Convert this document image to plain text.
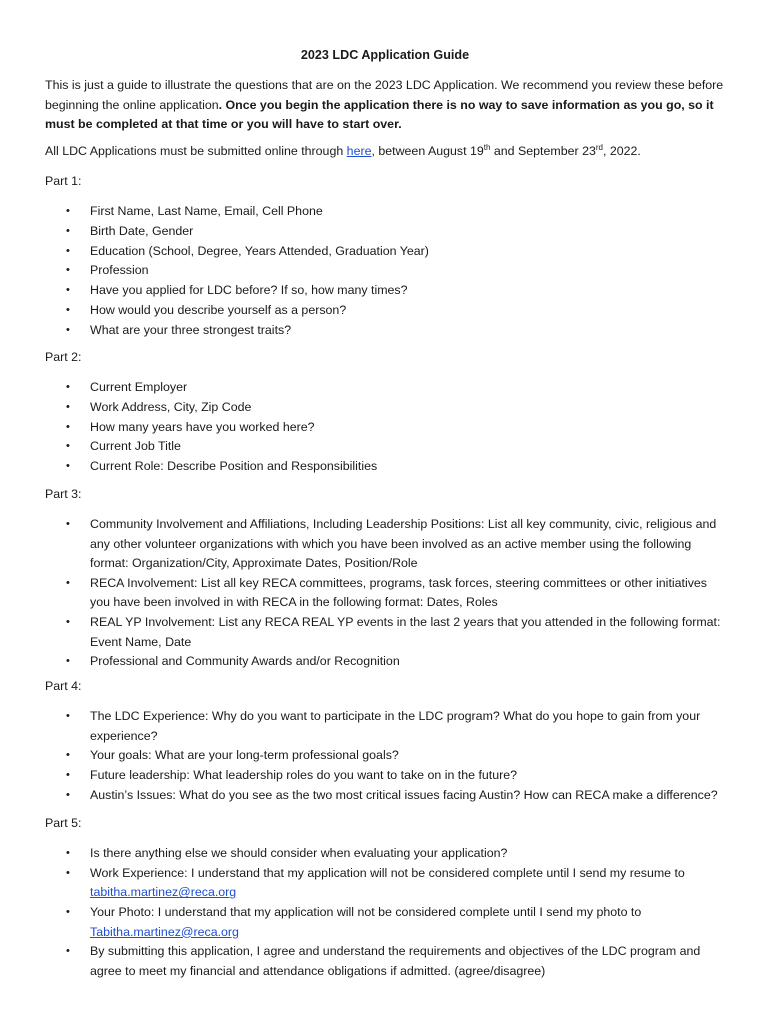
2023 LDC Application Guide
This is just a guide to illustrate the questions that are on the 2023 LDC Application. We recommend you review these before beginning the online application. Once you begin the application there is no way to save information as you go, so it must be completed at that time or you will have to start over.
All LDC Applications must be submitted online through here, between August 19th and September 23rd, 2022.
Part 1:
• First Name, Last Name, Email, Cell Phone
• Birth Date, Gender
• Education (School, Degree, Years Attended, Graduation Year)
• Profession
• Have you applied for LDC before? If so, how many times?
• How would you describe yourself as a person?
• What are your three strongest traits?
Part 2:
• Current Employer
• Work Address, City, Zip Code
• How many years have you worked here?
• Current Job Title
• Current Role: Describe Position and Responsibilities
Part 3:
• Community Involvement and Affiliations, Including Leadership Positions: List all key community, civic, religious and any other volunteer organizations with which you have been involved as an active member using the following format: Organization/City, Approximate Dates, Position/Role
• RECA Involvement: List all key RECA committees, programs, task forces, steering committees or other initiatives you have been involved in with RECA in the following format: Dates, Roles
• REAL YP Involvement: List any RECA REAL YP events in the last 2 years that you attended in the following format: Event Name, Date
• Professional and Community Awards and/or Recognition
Part 4:
• The LDC Experience: Why do you want to participate in the LDC program? What do you hope to gain from your experience?
• Your goals: What are your long-term professional goals?
• Future leadership: What leadership roles do you want to take on in the future?
• Austin’s Issues: What do you see as the two most critical issues facing Austin? How can RECA make a difference?
Part 5:
• Is there anything else we should consider when evaluating your application?
• Work Experience: I understand that my application will not be considered complete until I send my resume to tabitha.martinez@reca.org
• Your Photo: I understand that my application will not be considered complete until I send my photo to Tabitha.martinez@reca.org
• By submitting this application, I agree and understand the requirements and objectives of the LDC program and agree to meet my financial and attendance obligations if admitted. (agree/disagree)
